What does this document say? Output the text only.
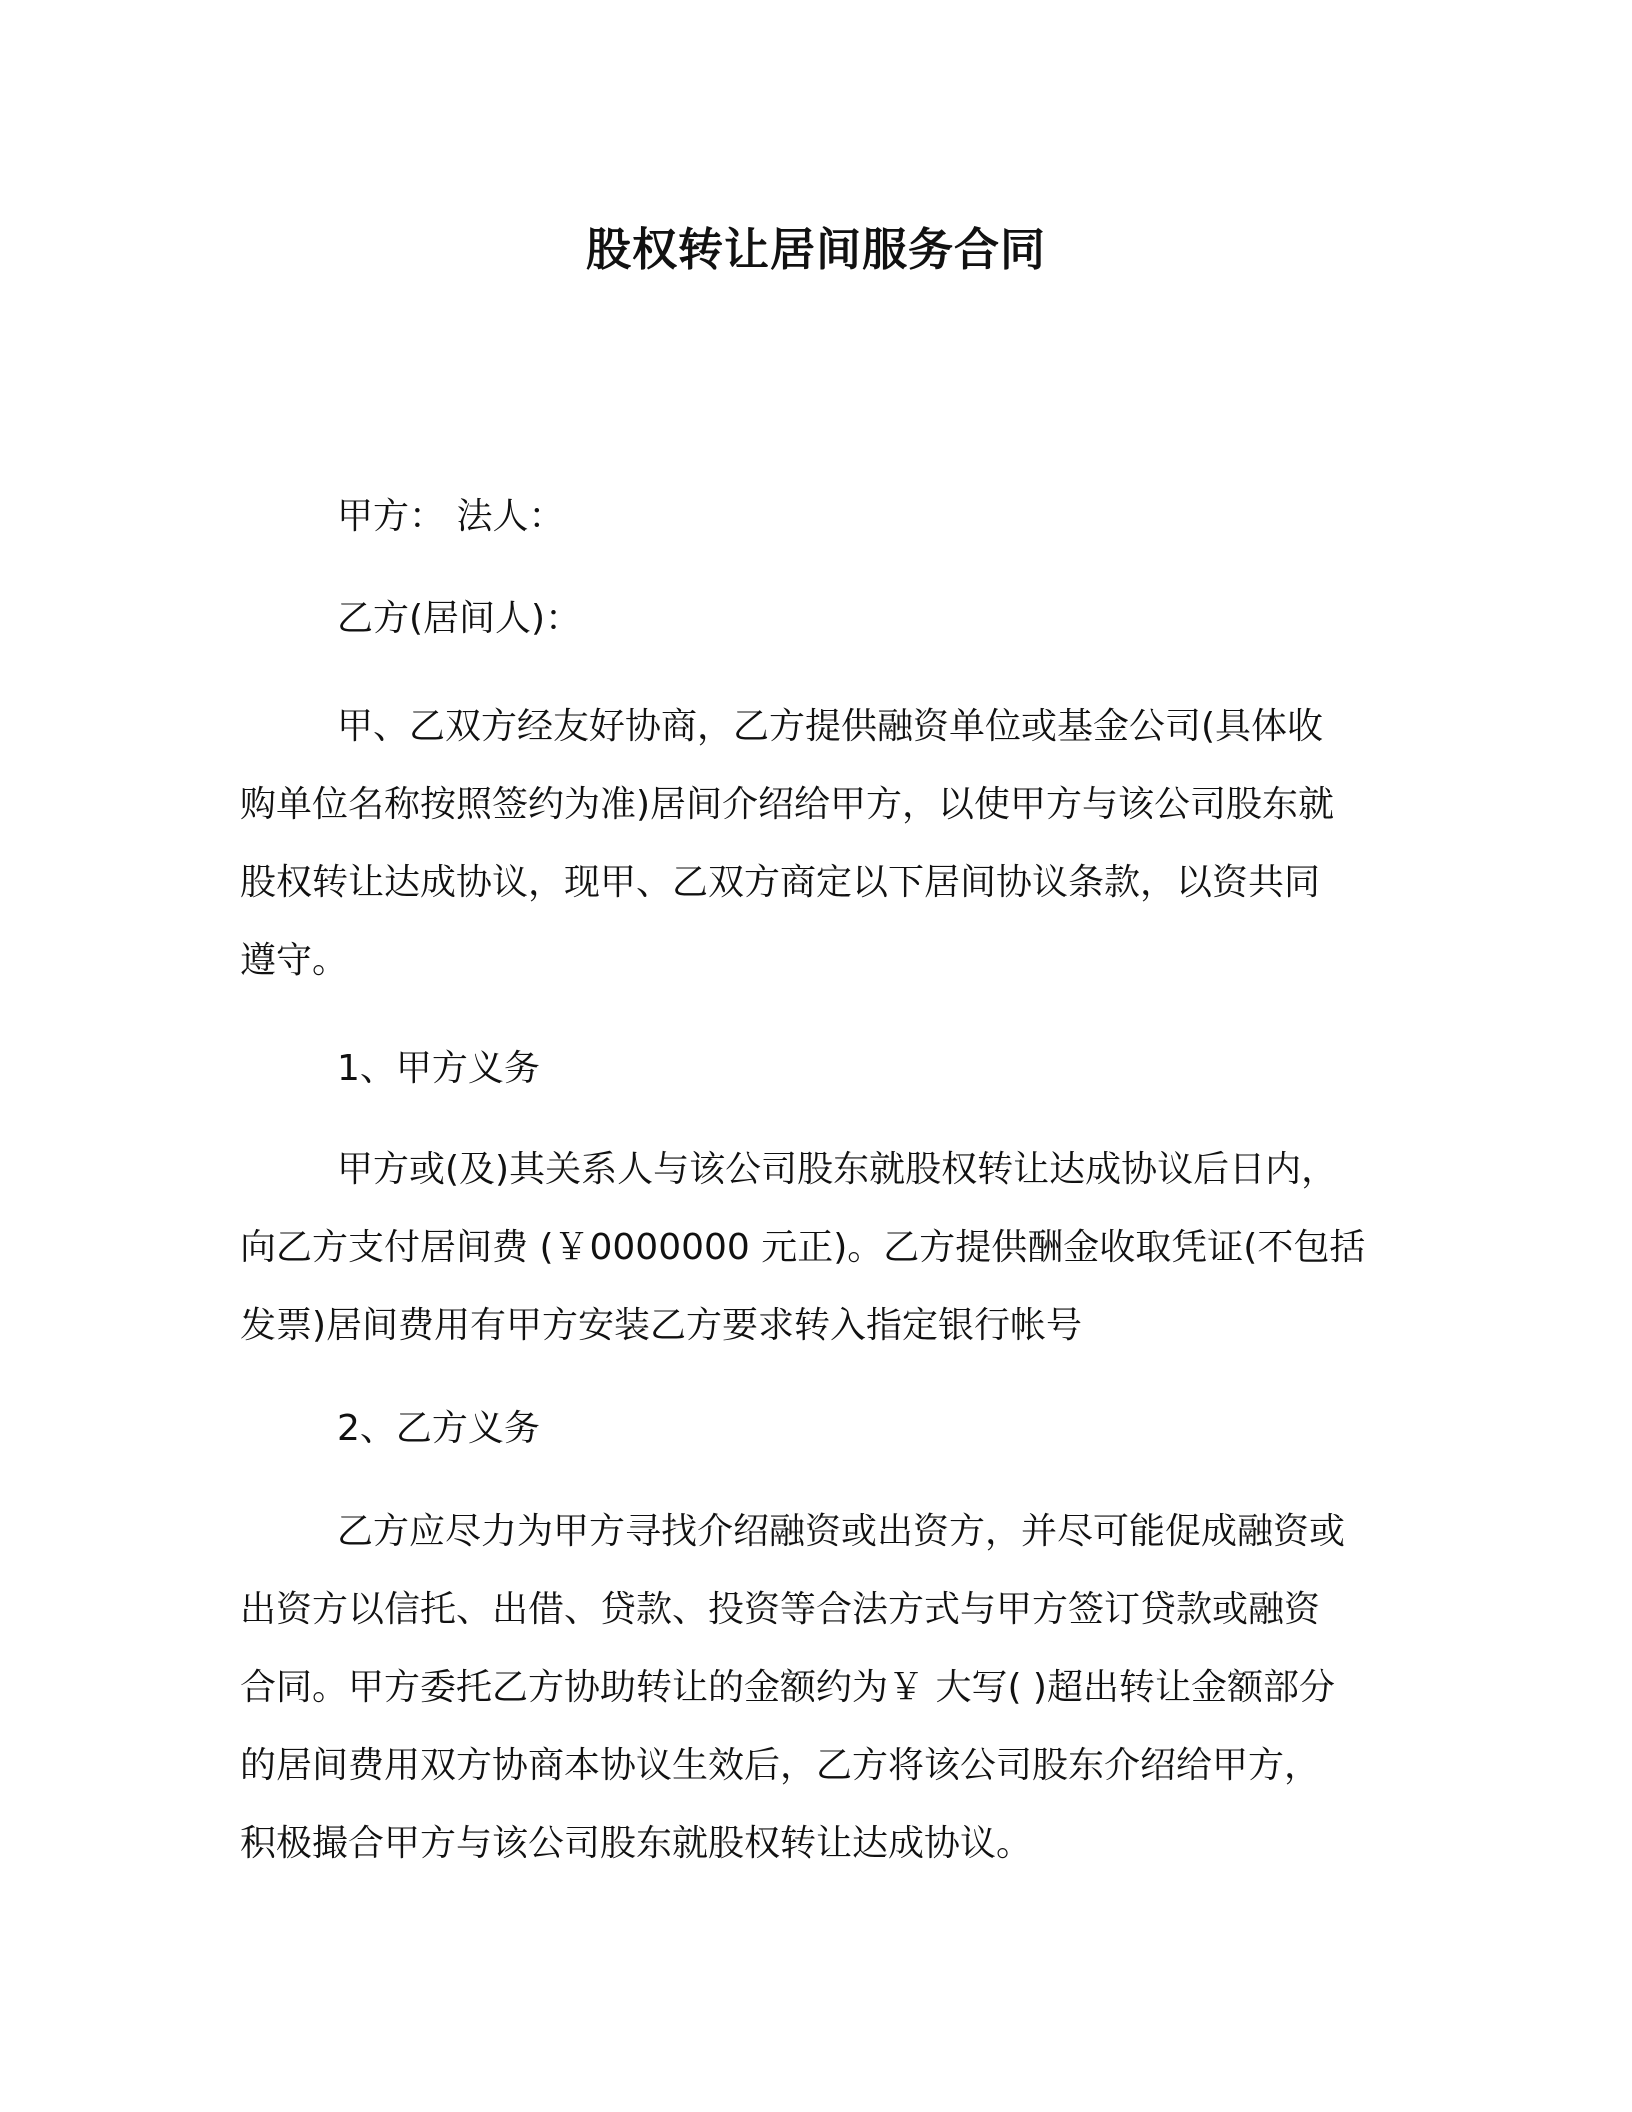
股权转让居间服务合同
甲方： 法人：
乙方(居间人)：
甲、乙双方经友好协商，乙方提供融资单位或基金公司(具体收
购单位名称按照签约为准)居间介绍给甲方，以使甲方与该公司股东就
股权转让达成协议，现甲、乙双方商定以下居间协议条款，以资共同
遵守。
1、甲方义务
甲方或(及)其关系人与该公司股东就股权转让达成协议后日内，
向乙方支付居间费 (￥0000000 元正)。乙方提供酬金收取凭证(不包括
发票)居间费用有甲方安装乙方要求转入指定银行帐号
2、乙方义务
乙方应尽力为甲方寻找介绍融资或出资方，并尽可能促成融资或
出资方以信托、出借、贷款、投资等合法方式与甲方签订贷款或融资
合同。甲方委托乙方协助转让的金额约为￥ 大写( )超出转让金额部分
的居间费用双方协商本协议生效后，乙方将该公司股东介绍给甲方，
积极撮合甲方与该公司股东就股权转让达成协议。
